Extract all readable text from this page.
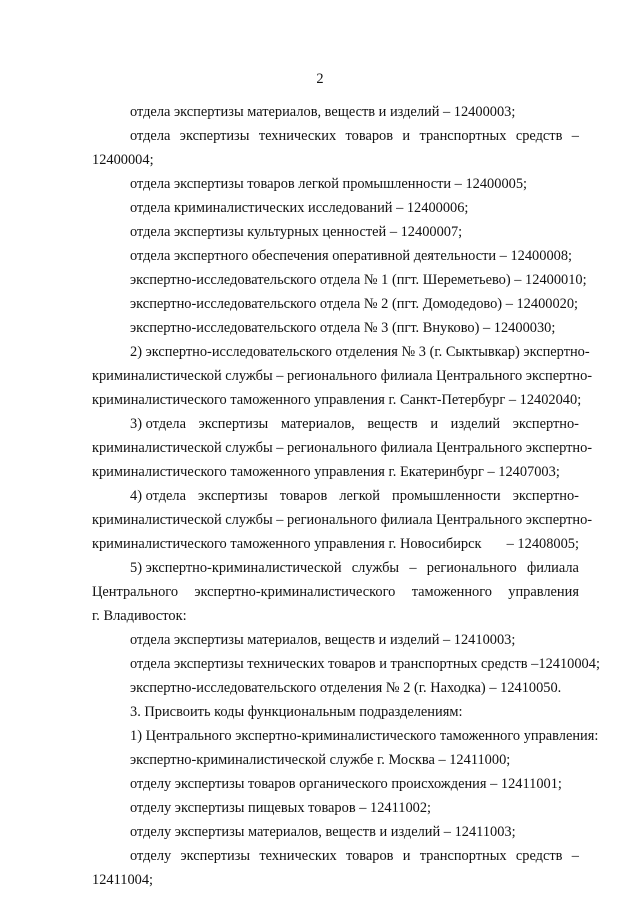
2
отдела экспертизы материалов, веществ и изделий – 12400003;
отдела экспертизы технических товаров и транспортных средств –
12400004;
отдела экспертизы товаров легкой промышленности – 12400005;
отдела криминалистических исследований – 12400006;
отдела экспертизы культурных ценностей – 12400007;
отдела экспертного обеспечения оперативной деятельности – 12400008;
экспертно-исследовательского отдела № 1 (пгт. Шереметьево) – 12400010;
экспертно-исследовательского отдела № 2 (пгт. Домодедово) – 12400020;
экспертно-исследовательского отдела № 3 (пгт. Внуково) – 12400030;
2) экспертно-исследовательского отделения № 3 (г. Сыктывкар) экспертно-
криминалистической службы – регионального филиала Центрального экспертно-
криминалистического таможенного управления г. Санкт-Петербург – 12402040;
3) отдела экспертизы материалов, веществ и изделий экспертно-
криминалистической службы – регионального филиала Центрального экспертно-
криминалистического таможенного управления г. Екатеринбург – 12407003;
4) отдела экспертизы товаров легкой промышленности экспертно-
криминалистической службы – регионального филиала Центрального экспертно-
криминалистического таможенного управления г. Новосибирск – 12408005;
5) экспертно-криминалистической службы – регионального филиала
Центрального экспертно-криминалистического таможенного управления
г. Владивосток:
отдела экспертизы материалов, веществ и изделий – 12410003;
отдела экспертизы технических товаров и транспортных средств –12410004;
экспертно-исследовательского отделения № 2 (г. Находка) – 12410050.
3. Присвоить коды функциональным подразделениям:
1) Центрального экспертно-криминалистического таможенного управления:
экспертно-криминалистической службе г. Москва – 12411000;
отделу экспертизы товаров органического происхождения – 12411001;
отделу экспертизы пищевых товаров – 12411002;
отделу экспертизы материалов, веществ и изделий – 12411003;
отделу экспертизы технических товаров и транспортных средств –
12411004;
